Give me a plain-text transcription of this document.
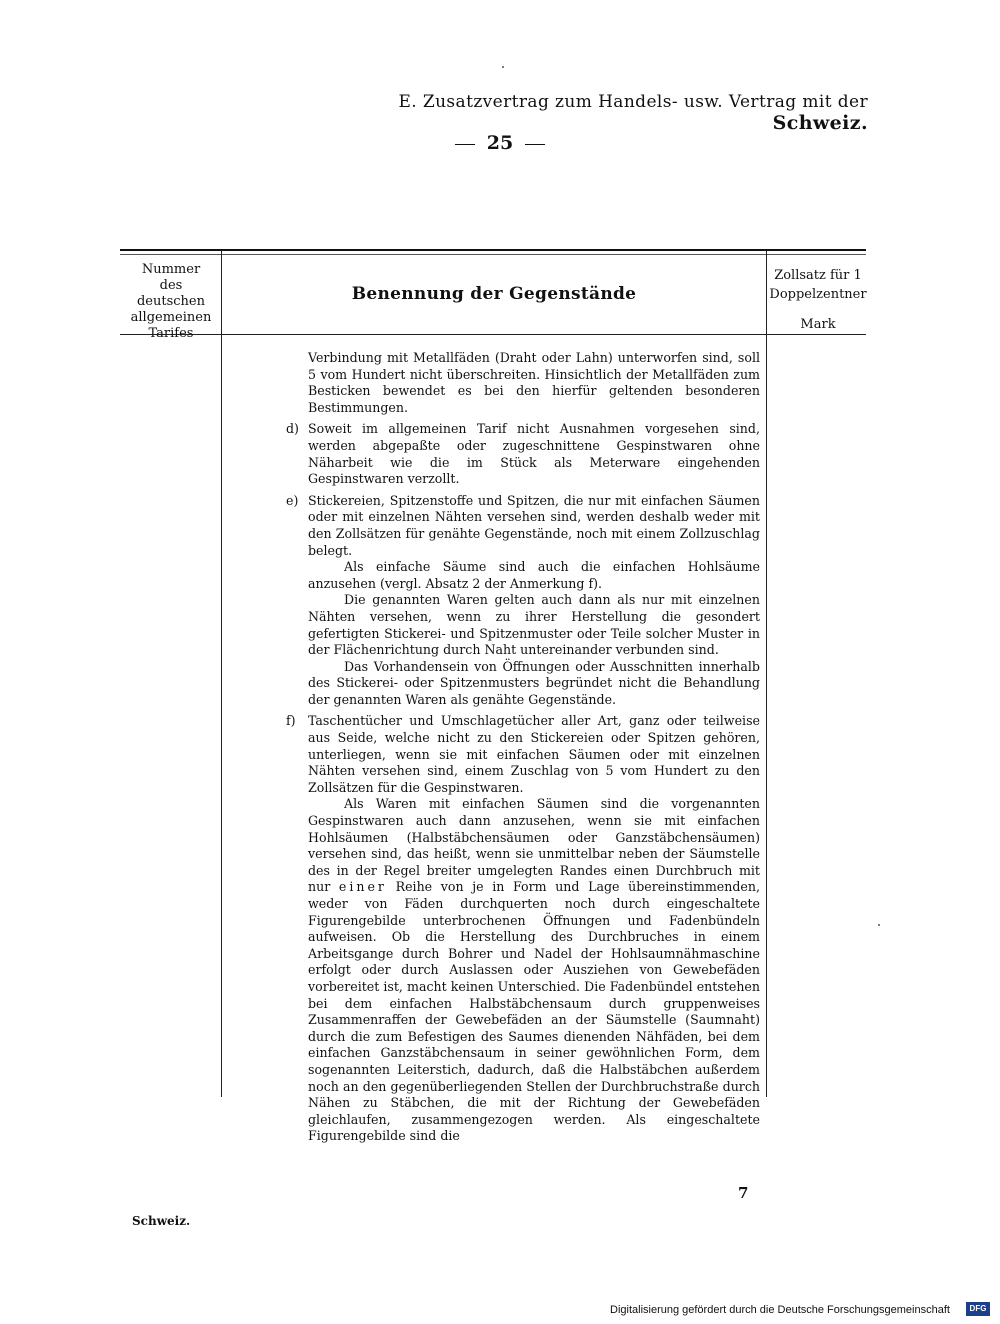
E. Zusatzvertrag zum Handels- usw. Vertrag mit der Schweiz.
25
Nummer
des deutschen
allgemeinen
Tarifes
Benennung der Gegenstände
Zollsatz für 1
Doppelzentner
Mark

Verbindung mit Metallfäden (Draht oder Lahn) unterworfen sind, soll 5 vom Hundert nicht überschreiten. Hinsichtlich der Metallfäden zum Besticken bewendet es bei den hierfür geltenden besonderen Bestimmungen.

d) Soweit im allgemeinen Tarif nicht Ausnahmen vorgesehen sind, werden abgepaßte oder zugeschnittene Gespinstwaren ohne Näharbeit wie die im Stück als Meterware eingehenden Gespinstwaren verzollt.

e) Stickereien, Spitzenstoffe und Spitzen, die nur mit einfachen Säumen oder mit einzelnen Nähten versehen sind, werden deshalb weder mit den Zollsätzen für genähte Gegenstände, noch mit einem Zollzuschlag belegt.

Als einfache Säume sind auch die einfachen Hohlsäume anzusehen (vergl. Absatz 2 der Anmerkung f).

Die genannten Waren gelten auch dann als nur mit einzelnen Nähten versehen, wenn zu ihrer Herstellung die gesondert gefertigten Stickerei- und Spitzenmuster oder Teile solcher Muster in der Flächenrichtung durch Naht untereinander verbunden sind.

Das Vorhandensein von Öffnungen oder Ausschnitten innerhalb des Stickerei- oder Spitzenmusters begründet nicht die Behandlung der genannten Waren als genähte Gegenstände.

f) Taschentücher und Umschlagetücher aller Art, ganz oder teilweise aus Seide, welche nicht zu den Stickereien oder Spitzen gehören, unterliegen, wenn sie mit einfachen Säumen oder mit einzelnen Nähten versehen sind, einem Zuschlag von 5 vom Hundert zu den Zollsätzen für die Gespinstwaren.

Als Waren mit einfachen Säumen sind die vorgenannten Gespinstwaren auch dann anzusehen, wenn sie mit einfachen Hohlsäumen (Halbstäbchensäumen oder Ganzstäbchensäumen) versehen sind, das heißt, wenn sie unmittelbar neben der Säumstelle des in der Regel breiter umgelegten Randes einen Durchbruch mit nur einer Reihe von je in Form und Lage übereinstimmenden, weder von Fäden durchquerten noch durch eingeschaltete Figurengebilde unterbrochenen Öffnungen und Fadenbündeln aufweisen. Ob die Herstellung des Durchbruches in einem Arbeitsgange durch Bohrer und Nadel der Hohlsaumnähmaschine erfolgt oder durch Auslassen oder Ausziehen von Gewebefäden vorbereitet ist, macht keinen Unterschied. Die Fadenbündel entstehen bei dem einfachen Halbstäbchensaum durch gruppenweises Zusammenraffen der Gewebefäden an der Säumstelle (Saumnaht) durch die zum Befestigen des Saumes dienenden Nähfäden, bei dem einfachen Ganzstäbchensaum in seiner gewöhnlichen Form, dem sogenannten Leiterstich, dadurch, daß die Halbstäbchen außerdem noch an den gegenüberliegenden Stellen der Durchbruchstraße durch Nähen zu Stäbchen, die mit der Richtung der Gewebefäden gleichlaufen, zusammengezogen werden. Als eingeschaltete Figurengebilde sind die

7
Schweiz.
Digitalisierung gefördert durch die Deutsche Forschungsgemeinschaft	DFG
